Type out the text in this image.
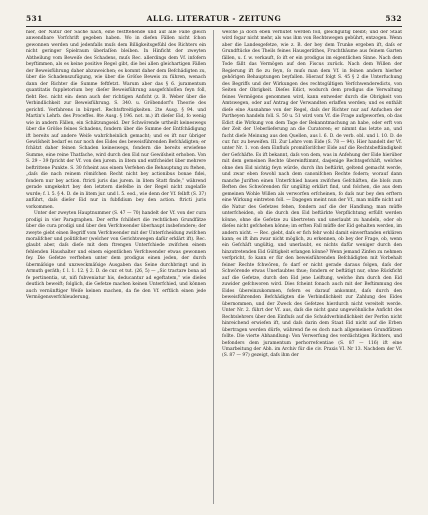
531	ALLG. LITERATUR - ZEITUNG	532

hier, der Natur der Sache nach, eine festftehende und auf alle Fälle gleich anwendbare Vorfchrift gegeben haben. Wo in diefen Fällen nicht ſchon gewonnen werden und jedenfalls muſs dem Billigkeitsgefühl des Richters ein nicht geringer Spielraum überlaſſen bleiben. In Hinficht der zweyten Abtheilung vom Beweiſe des Schadens, muſs Rec. allerdings dem Vf. infofern beyftimmen, als es keine positive Regel gibt, die bei allen gleichartigen Fällen der Beweisführung daher abzuweichen; es kommt daher dem Befchädigten zu, über die Schadenszufügung, wie über die Gröſse Beweis zu führen, wenach dann der Richter die Summe feftfetzt. Warum aber das § 6. juramentum quantitatis fuppletorium bey dieſer Beweisführung ausgefchloſſen feyn foll, fieht Rec. nicht ein: denn auch der richtigen Anficht (z. B. Weber über die Verbindlichkeit zur Beweisführung. S. 340. u. Gröbendorf's Theorie des gerichtl. Verfahrens in bürgerl. Rechtsftreitigkeiten. 2te Ausg. § 94. und Martin's Lehrb. des Proceffes. 8te Ausg. § 196. not. m.) ift dieſer Eid, fo wenig wie in andern Fällen, ein Schätzungseid. Der Schwörende urtheilt keineswegs über die Gröſse feines Schadens, fondern über die Summe der Entfchädigung ift bereits auf andere Weiſe wahrſcheinlich gemacht; und es ift nur übriger Gewiſsheit bedarf es nur noch des Eides des beweisführenden Befchädigten; er fchätzt daher feinen Schaden keineswegs, fondern die bereits erwiefene Summe, eine reine Thatfache, wird durch den Eid nur Gewiſsheit erhoben. Von S. 29 – 39 fpricht der Vf. von den jurem. in litem und entfcheidet über mehrere beftrittene Punkte. S. 30 fcheint aus einem Verfehen die Behauptung zu ftehen, „daſs die nach reinem römifchen Recht nicht bey actionibus bonae fidei, fondern nur bey action. ftricti juris das jurem. in litem Statt finde,“ während gerade umgekehrt bey den letztern diefelbe in der Regel nicht zugelaſſe wurde; f. l. 5. § 4. D. de in litem jur. und l. 5. eod., wie denn der Vf. felbft (S. 37) anführt, daſs dieſer Eid nur in fubfidium bey den action. ftricti juris vorkommen.

Unter der zweyten Hauptnummer (S. 47 — 70) handelt der Vf. von der cura prodigi in vier Paragraphen. Der erfte fchildert die rechtlichen Grundfätze über die cura prodigi und über den Verfchwender überhaupt insbefondere; der zweyte giebt einen Begriff vom Verfchwender mit der Unterfcheidung zwifchen moralifcher und politifcher (welcher von Gerichtswegen dafür erklärt ift). Rec. glaubt aber, daſs dieſe mit dem ftrengen Unterfchiede zwifchen einem fehlenden Haushalter und einem eigentlichen Verfchwender etwas gewonnen fey. Die Gefetze verftehen unter dem prodigus einen jeden, der durch übermäſsige und unzweckmäſsige Ausgaben das Seine durchbringt und in Armuth geräth; f. l. 1. 12. § 2. D. de cur. et tut. (26, 5) — „Sic tractare bona ad fe pertinentia, ut, nifi fubveniatur his, deducantur ad egeftatem,“ wie dieſes deutlich beweift; folglich, die Gefetze machen keinen Unterfchied, und können auch vernünftiger Weiſe keinen machen, da fie den Vf. erftlich einen jede Vermögensverfchleuderung,

welche ja doch eben verhütet werden foll, gleichgültig bleibt; und der Staat wird fogar nicht mehr, als was ihm von Rechtswegen gebührt, entzogen. Wenn aber die Landesgefetze, wie z. B. der bey dem Trunke ergeben ift, daſs er Grundftücke des Theils feines Hausgeräthes, Fruchtbäume aus feinem Garten fällen, u. f. w. verkauft, ſo ift er ein prodigus im eigentlichen Sinne. Nach dem Tode fällt das Vermögen auf den Fiscus zurück. Nach dem Willen der Regierung ift fie zu feyn, ſo muſs man dem Vf. in feinen andern hierher gehörigen Behauptungen beyfallen. Hierauf folgt S. 45 § 2 die Unterfuchung des Begriffs und der Wirkungen des rechtsgültigen Verfchwenderedicts, von Seiten der Obrigkeit. Dieſes Edict, wodurch dem prodigus die Verwaltung feines Vermögens genommen wird, kann entweder durch die Obrigkeit von Amtswegen, oder auf Antrag der Verwandten erlaffen werden; und es enthält dieſe eine Ausnahme von der Regel, daſs der Richter nur auf Anfuchen der Partheyen handeln foll. S. 50 u. 51 wird vom Vf. die Frage aufgeworfen, ob das Edict die Wirkung von dem Tage der Bekanntmachung an habe, oder erft von der Zeit der Ueberlieferung an die Curatoren; er nimmt das letzte an, und fucht dieſe Meinung aus den Quellen, aus l. 6. D. de verb. obl. und l. 10. D. de cur. fur. zu beweifen. III. Zur Lehre vom Eide (S. 78 — 94). Hier handelt der Vf. unter Nr. 1. von dem Einfluſs promiſſorifcher Eide auf die Rechtsbeftändigkeit der Gefchäfte. Es ift bekannt, daſs von dem, was in Anfehung der Eide hierüber mit dem gemeinen Rechte übereinftimmt, dasjenige Rechtsgefchäft, welches ohne den Eid nichtig feyn würde, durch ihn beftärkt, geltend gemacht werde, und zwar eben fowohl nach dem canonifchen Rechte fodern; worauf dann manche Juriften einen Unterfchied bauen zwifchen Gefchäften, die bloſs zum Beften des Schwörenden für ungültig erklärt find, und folchen, die aus dem gemeinen Wohle Willen als verworfen erfcheinen, fo daſs nur bey den erftern eine Wirkung eintreten foll. — Dagegen meint nun der Vf., man müffe nicht auf die Natur des Gefetzes fehen, fondern auf die der Handlung; man müffe unterfcheiden, ob die durch den Eid beftärkte Verpflichtung erfüllt werden könne, ohne die Gefetze zu übertreten und unerlaubt zu handeln, oder ob dieſes nicht gefchehen könne; im erften Fall müffe der Eid gehalten werden, im andern nicht. — Rec. giebt, daſs er fich fehr wohl damit einverftanden erklären kann; es ift ihm zwar nicht möglich, zu erkennen, ob bey der Frage, ob, wenn ein Gefchäft ungültig, und unerlaubt, ex nichts dafür weniger durch den hinzutretenden Eid Gültigkeit erlangen könne? Wenn jemand Zinfen zu nehmen verfpricht, fo kann er für den beweisführenden Befchädigten mit Vorbehalt feiner Rechte fchwören, fo darf er nicht gerade daraus folgen, daſs der Schwörende etwas Unerlaubtes thue; fondern er beftätigt nur, ohne Rückficht auf die Gefetze, durch den Eid jene Leiftung, welche ihm durch den Eid zuwider gefchworen wird. Dies fcheint fonach auch mit der Beftimmung des Eides übereinzukommen, fofern es darauf ankommt, daſs durch den beweisführenden Befchädigten die Verbindlichkeit zur Zahlung des Eides übernommen, und der Zweck des Gefetzes hierdurch nicht vereitelt werde. Unter Nr. 2. führt der Vf. aus, daſs die nicht ganz ungewöhnliche Anficht des Rechtslehrers über den Einfluſs auf die Schuldverbindlichkeit der Perfon nicht hinreichend erwiefen ift, und daſs darin dem Staat Eid nicht auf die Erben übertragen werden dürfe, während fie es doch nach allgemeinen Grundfätzen follte. Die vierte Abhandlung: Von Verwerfung des verdächtigen Richters, und befonders dem juramentum perhorrefcentiae (S. 87 — 116) ift eine Umarbeitung der Abh. im Archiv für die civ. Praxis VI. Nr 13. Nachdem der Vf. (S. 87 — 97) gezeigt, dafs ihm der
